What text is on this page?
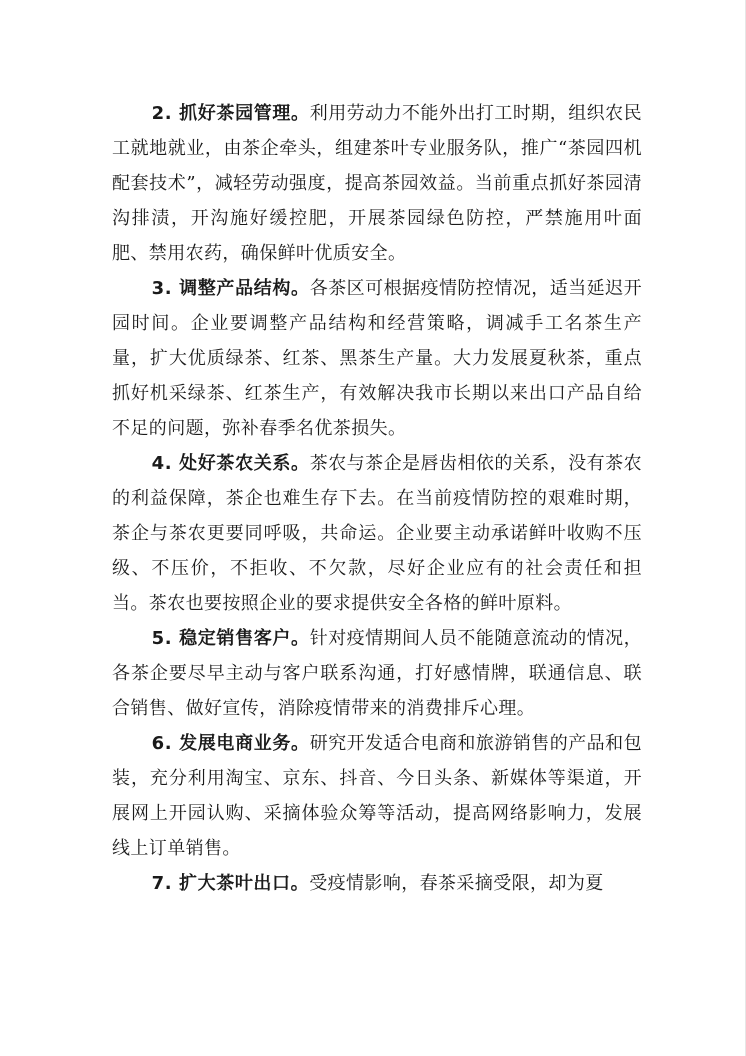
2. 抓好茶园管理。利用劳动力不能外出打工时期，组织农民工就地就业，由茶企牵头，组建茶叶专业服务队，推广“茶园四机配套技术”，减轻劳动强度，提高茶园效益。当前重点抓好茶园清沟排渍，开沟施好缓控肥，开展茶园绿色防控，严禁施用叶面肥、禁用农药，确保鲜叶优质安全。

3. 调整产品结构。各茶区可根据疫情防控情况，适当延迟开园时间。企业要调整产品结构和经营策略，调减手工名茶生产量，扩大优质绿茶、红茶、黑茶生产量。大力发展夏秋茶，重点抓好机采绿茶、红茶生产，有效解决我市长期以来出口产品自给不足的问题，弥补春季名优茶损失。

4. 处好茶农关系。茶农与茶企是唇齿相依的关系，没有茶农的利益保障，茶企也难生存下去。在当前疫情防控的艰难时期，茶企与茶农更要同呼吸，共命运。企业要主动承诺鲜叶收购不压级、不压价，不拒收、不欠款，尽好企业应有的社会责任和担当。茶农也要按照企业的要求提供安全各格的鲜叶原料。

5. 稳定销售客户。针对疫情期间人员不能随意流动的情况，各茶企要尽早主动与客户联系沟通，打好感情牌，联通信息、联合销售、做好宣传，消除疫情带来的消费排斥心理。

6. 发展电商业务。研究开发适合电商和旅游销售的产品和包装，充分利用淘宝、京东、抖音、今日头条、新媒体等渠道，开展网上开园认购、采摘体验众筹等活动，提高网络影响力，发展线上订单销售。

7. 扩大茶叶出口。受疫情影响，春茶采摘受限，却为夏
